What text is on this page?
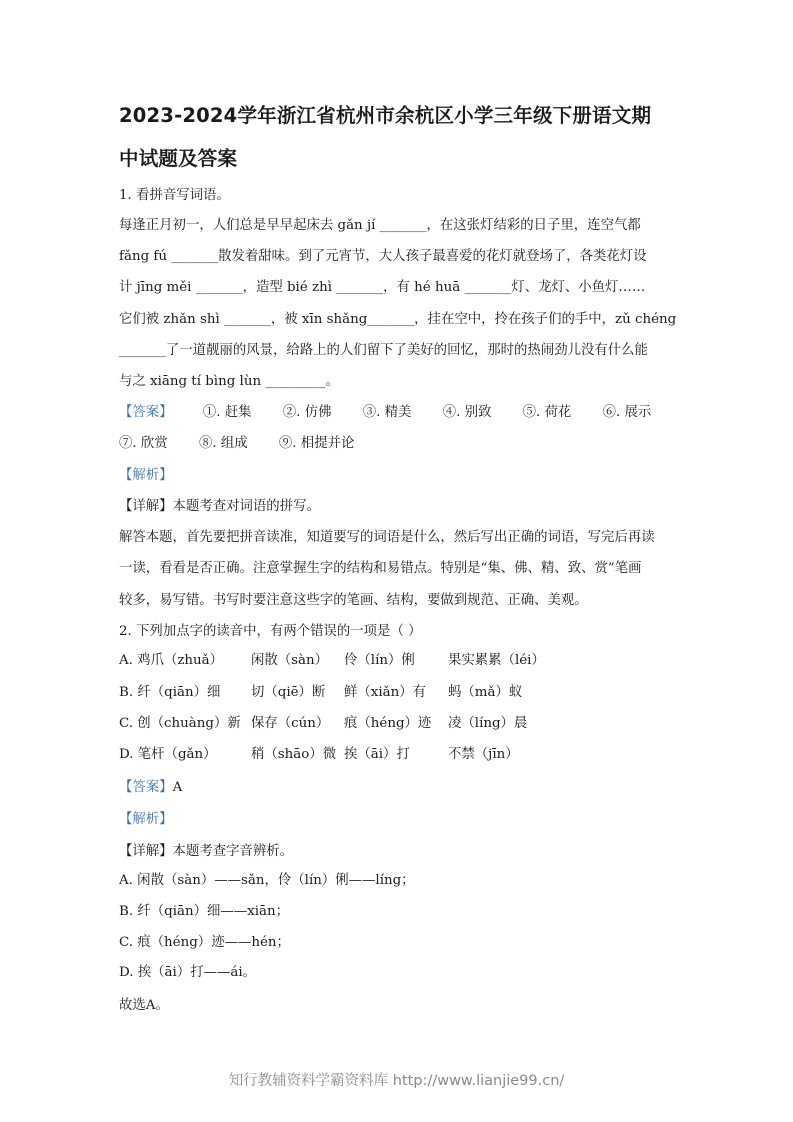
2023-2024学年浙江省杭州市余杭区小学三年级下册语文期
中试题及答案
1. 看拼音写词语。
每逢正月初一，人们总是早早起床去 gǎn jí _______，在这张灯结彩的日子里，连空气都
fǎng fú _______散发着甜味。到了元宵节，大人孩子最喜爱的花灯就登场了，各类花灯设
计 jīng měi _______，造型 bié zhì _______，有 hé huā _______灯、龙灯、小鱼灯……
它们被 zhǎn shì _______，被 xīn shǎng_______，挂在空中，拎在孩子们的手中，zǔ chéng
_______了一道靓丽的风景，给路上的人们留下了美好的回忆，那时的热闹劲儿没有什么能
与之 xiāng tí bìng lùn _________。
【答案】 ①. 赶集 ②. 仿佛 ③. 精美 ④. 别致 ⑤. 荷花 ⑥. 展示
⑦. 欣赏 ⑧. 组成 ⑨. 相提并论
【解析】
【详解】本题考查对词语的拼写。
解答本题，首先要把拼音读准，知道要写的词语是什么，然后写出正确的词语，写完后再读
一读，看看是否正确。注意掌握生字的结构和易错点。特别是“集、佛、精、致、赏”笔画
较多，易写错。书写时要注意这些字的笔画、结构，要做到规范、正确、美观。
2. 下列加点字的读音中，有两个错误的一项是（ ）
A. 鸡爪（zhuǎ） 闲散（sàn） 伶（lín）俐 果实累累（léi）
B. 纤（qiān）细 切（qiē）断 鲜（xiǎn）有 蚂（mǎ）蚁
C. 创（chuàng）新 保存（cún） 痕（héng）迹 凌（líng）晨
D. 笔杆（gǎn）	稍（shāo）微 挨（āi）打	不禁（jīn）
【答案】A
【解析】
【详解】本题考查字音辨析。
A. 闲散（sàn）——sǎn，伶（lín）俐——líng；
B. 纤（qiān）细——xiān；
C. 痕（héng）迹——hén；
D. 挨（āi）打——ái。
故选A。
知行教辅资料学霸资料库 http://www.lianjie99.cn/
